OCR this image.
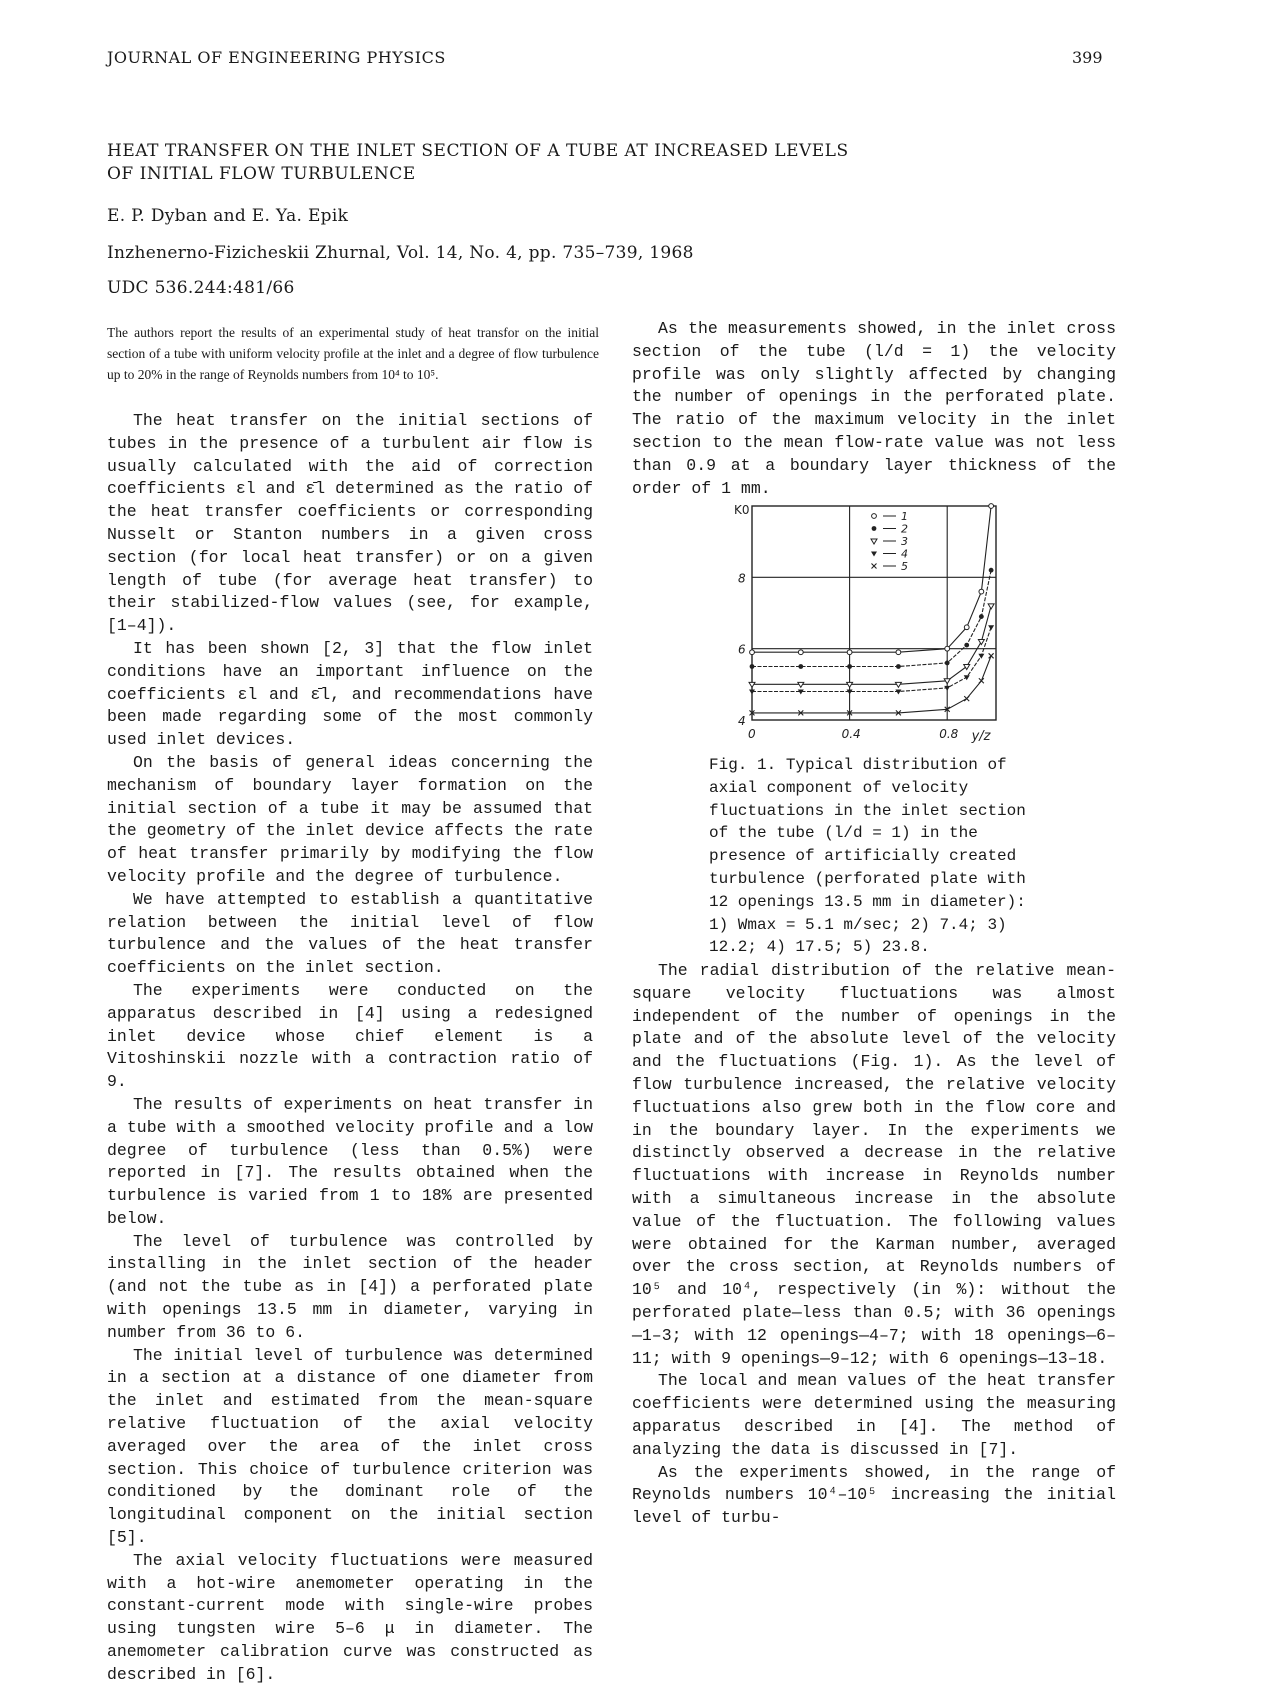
JOURNAL OF ENGINEERING PHYSICS	399
HEAT TRANSFER ON THE INLET SECTION OF A TUBE AT INCREASED LEVELS
OF INITIAL FLOW TURBULENCE
E. P. Dyban and E. Ya. Epik
Inzhenerno-Fizicheskii Zhurnal, Vol. 14, No. 4, pp. 735–739, 1968
UDC 536.244:481/66
The authors report the results of an experimental study of heat transfor on the initial section of a tube with uniform velocity profile at the inlet and a degree of flow turbulence up to 20% in the range of Reynolds numbers from 10⁴ to 10⁵.

The heat transfer on the initial sections of tubes in the presence of a turbulent air flow is usually calculated with the aid of correction coefficients εl and ε̄l determined as the ratio of the heat transfer coefficients or corresponding Nusselt or Stanton numbers in a given cross section (for local heat transfer) or on a given length of tube (for average heat transfer) to their stabilized-flow values (see, for example, [1–4]).

It has been shown [2, 3] that the flow inlet conditions have an important influence on the coefficients εl and ε̄l, and recommendations have been made regarding some of the most commonly used inlet devices.

On the basis of general ideas concerning the mechanism of boundary layer formation on the initial section of a tube it may be assumed that the geometry of the inlet device affects the rate of heat transfer primarily by modifying the flow velocity profile and the degree of turbulence.

We have attempted to establish a quantitative relation between the initial level of flow turbulence and the values of the heat transfer coefficients on the inlet section.

The experiments were conducted on the apparatus described in [4] using a redesigned inlet device whose chief element is a Vitoshinskii nozzle with a contraction ratio of 9.

The results of experiments on heat transfer in a tube with a smoothed velocity profile and a low degree of turbulence (less than 0.5%) were reported in [7]. The results obtained when the turbulence is varied from 1 to 18% are presented below.

The level of turbulence was controlled by installing in the inlet section of the header (and not the tube as in [4]) a perforated plate with openings 13.5 mm in diameter, varying in number from 36 to 6.

The initial level of turbulence was determined in a section at a distance of one diameter from the inlet and estimated from the mean-square relative fluctuation of the axial velocity averaged over the area of the inlet cross section. This choice of turbulence criterion was conditioned by the dominant role of the longitudinal component on the initial section [5].

The axial velocity fluctuations were measured with a hot-wire anemometer operating in the constant-current mode with single-wire probes using tungsten wire 5–6 μ in diameter. The anemometer calibration curve was constructed as described in [6].

As the measurements showed, in the inlet cross section of the tube (l/d = 1) the velocity profile was only slightly affected by changing the number of openings in the perforated plate. The ratio of the maximum velocity in the inlet section to the mean flow-rate value was not less than 0.9 at a boundary layer thickness of the order of 1 mm.

0	0.4	0.8
4
6
8
K0
y/z
1
2
3
4
5
Fig. 1. Typical distribution of axial component of velocity fluctuations in the inlet section of the tube (l/d = 1) in the presence of artificially created turbulence (perforated plate with 12 openings 13.5 mm in diameter): 1) Wmax = 5.1 m/sec; 2) 7.4; 3) 12.2; 4) 17.5; 5) 23.8.

The radial distribution of the relative mean-square velocity fluctuations was almost independent of the number of openings in the plate and of the absolute level of the velocity and the fluctuations (Fig. 1). As the level of flow turbulence increased, the relative velocity fluctuations also grew both in the flow core and in the boundary layer. In the experiments we distinctly observed a decrease in the relative fluctuations with increase in Reynolds number with a simultaneous increase in the absolute value of the fluctuation. The following values were obtained for the Karman number, averaged over the cross section, at Reynolds numbers of 10⁵ and 10⁴, respectively (in %): without the perforated plate—less than 0.5; with 36 openings—1–3; with 12 openings—4–7; with 18 openings—6–11; with 9 openings—9–12; with 6 openings—13–18.

The local and mean values of the heat transfer coefficients were determined using the measuring apparatus described in [4]. The method of analyzing the data is discussed in [7].

As the experiments showed, in the range of Reynolds numbers 10⁴–10⁵ increasing the initial level of turbu-
